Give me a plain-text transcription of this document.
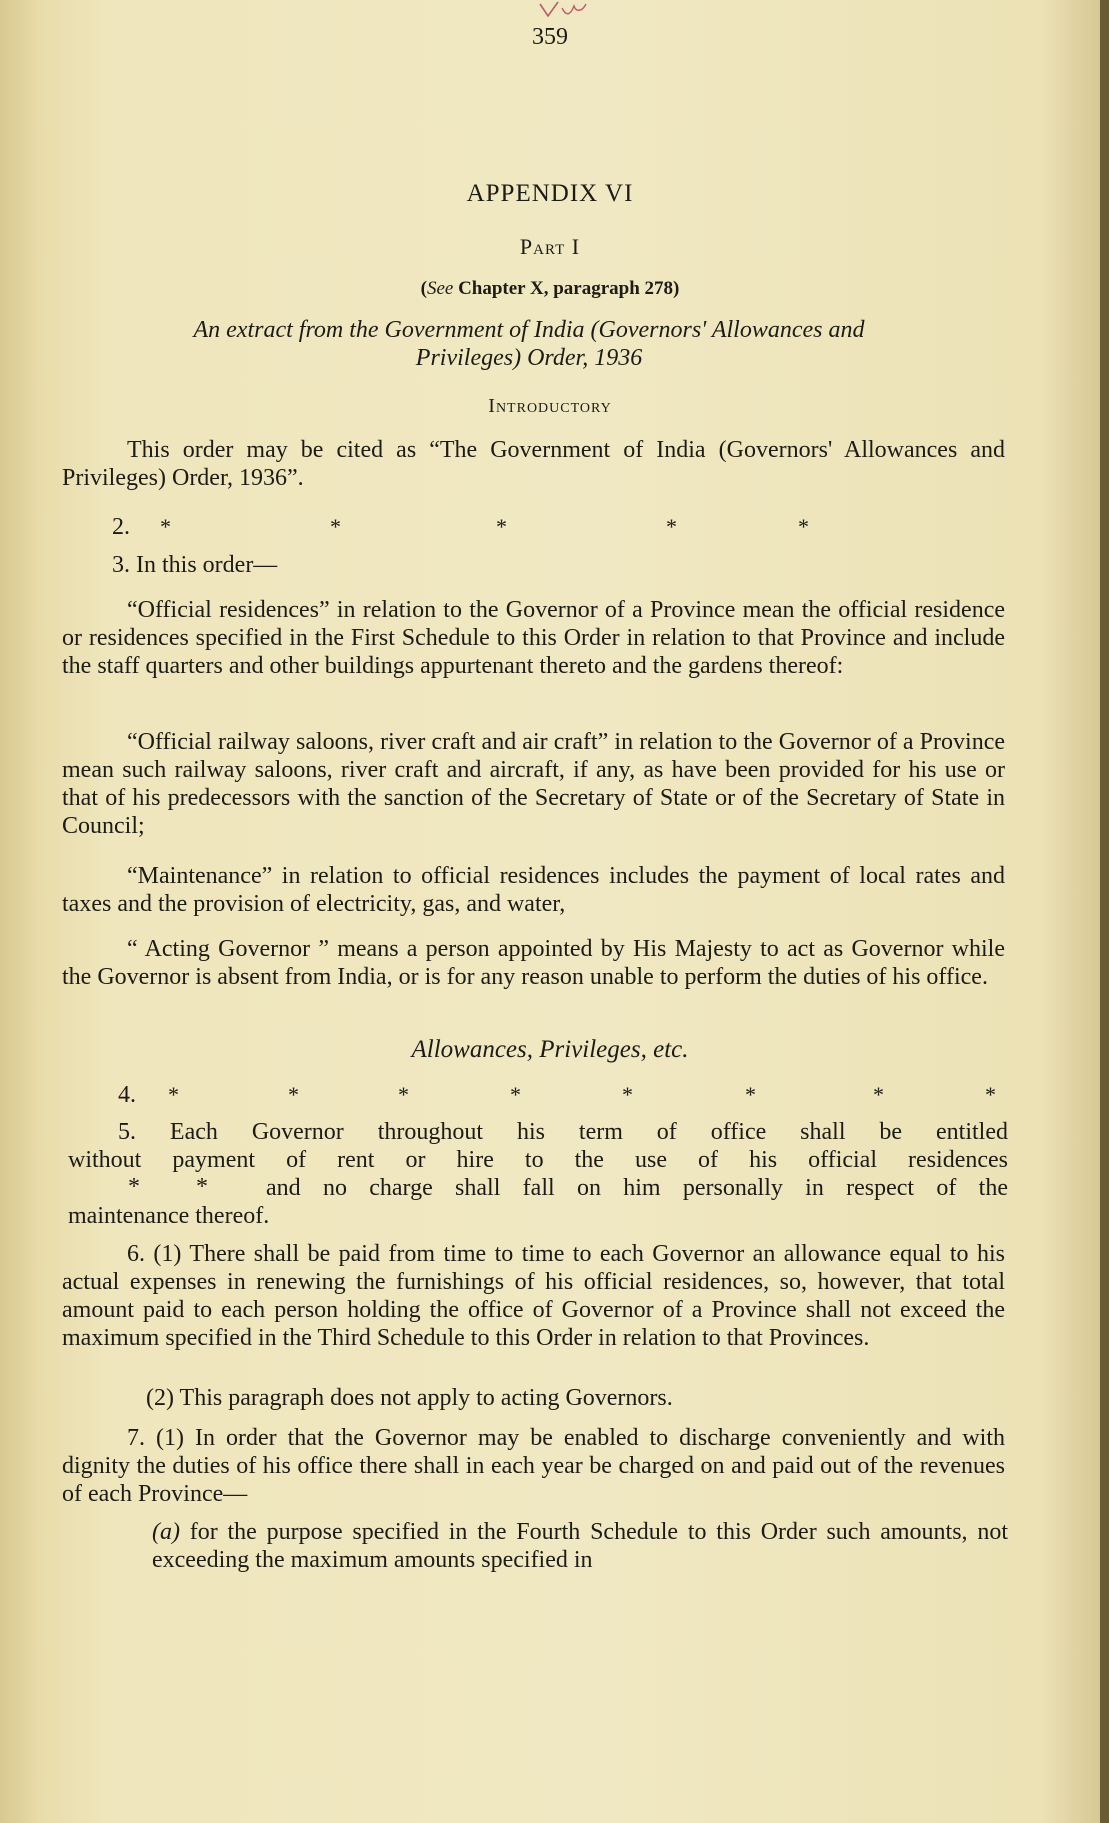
359
APPENDIX VI
Part I
(See Chapter X, paragraph 278)
An extract from the Government of India (Governors' Allowances and
Privileges) Order, 1936
Introductory
This order may be cited as “The Government of India (Governors' Allowances and Privileges) Order, 1936”.
2. *	*	*	*	*
3. In this order—
“Official residences” in relation to the Governor of a Province mean the official residence or residences specified in the First Schedule to this Order in relation to that Province and include the staff quarters and other buildings appurtenant thereto and the gardens thereof:
“Official railway saloons, river craft and air craft” in relation to the Governor of a Province mean such railway saloons, river craft and aircraft, if any, as have been provided for his use or that of his predecessors with the sanction of the Secretary of State or of the Secretary of State in Council;
“Maintenance” in relation to official residences includes the payment of local rates and taxes and the provision of electricity, gas, and water,
“ Acting Governor ” means a person appointed by His Majesty to act as Governor while the Governor is absent from India, or is for any reason unable to perform the duties of his office.
Allowances, Privileges, etc.
4. *	*	*	*	*	*	*	*
5. Each Governor throughout his term of office shall be entitled
without payment of rent or hire to the use of his official residences
* * and no charge shall fall on him personally in respect of the
maintenance thereof.
6. (1) There shall be paid from time to time to each Governor an allowance equal to his actual expenses in renewing the furnishings of his official residences, so, however, that total amount paid to each person holding the office of Governor of a Province shall not exceed the maximum specified in the Third Schedule to this Order in relation to that Provinces.
(2) This paragraph does not apply to acting Governors.
7. (1) In order that the Governor may be enabled to discharge conveniently and with dignity the duties of his office there shall in each year be charged on and paid out of the revenues of each Province—
(a) for the purpose specified in the Fourth Schedule to this Order such amounts, not exceeding the maximum amounts specified in
